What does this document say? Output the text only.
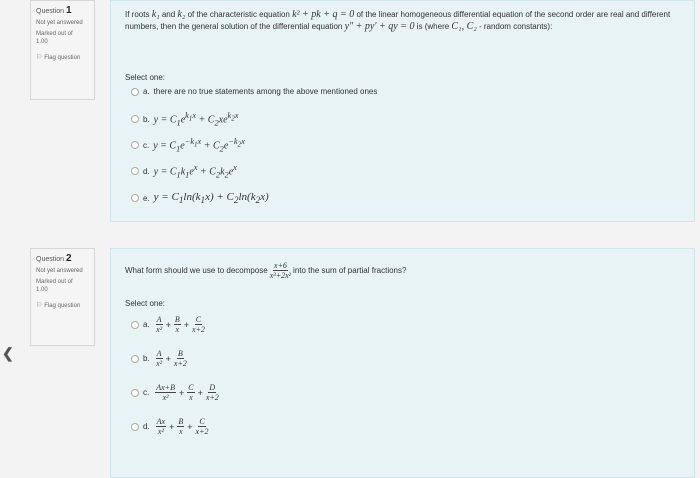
❮
Question 1
Not yet answered
Marked out of
1.00
⚐ Flag question
If roots k₁ and k₂ of the characteristic equation k² + pk + q = 0 of the linear homogeneous differential equation of the second order are real and different numbers, then the general solution of the differential equation y″ + py′ + qy = 0 is (where C₁, C₂ - random constants):
Select one:
a. there are no true statements among the above mentioned ones
b. $y = C_1e^{k_1x} + C_2xe^{k_2x}$
c. $y = C_1e^{-k_1x} + C_2e^{-k_2x}$
d. $y = C_1k_1e^x + C_2k_2e^x$
e. $y = C_1\ln(k_1x) + C_2\ln(k_2x)$
Question 2
Not yet answered
Marked out of
1.00
⚐ Flag question
What form should we use to decompose $\frac{x+6}{\text{x³+2x²}}$ into the sum of partial fractions?
Select one:
a. $\frac{A}{\text{x²}} + \frac{B}{x} + \frac{C}{x+2}$
b. $\frac{A}{\text{x²}} + \frac{B}{x+2}$
c. $\frac{Ax+B}{\text{x²}} + \frac{C}{x} + \frac{D}{x+2}$
d. $\frac{Ax}{\text{x²}} + \frac{B}{x} + \frac{C}{x+2}$
